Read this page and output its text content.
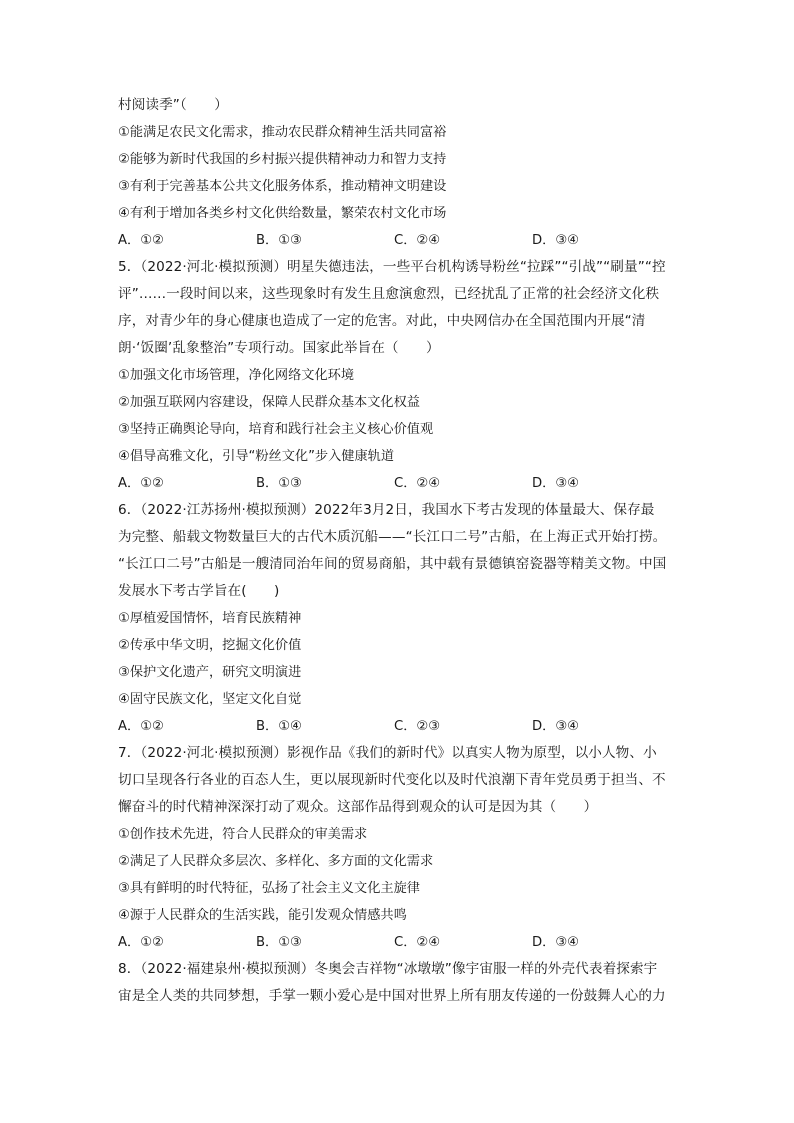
村阅读季”（　　）
①能满足农民文化需求，推动农民群众精神生活共同富裕
②能够为新时代我国的乡村振兴提供精神动力和智力支持
③有利于完善基本公共文化服务体系，推动精神文明建设
④有利于增加各类乡村文化供给数量，繁荣农村文化市场
A．①②	B．①③	C．②④	D．③④
5．（2022·河北·模拟预测）明星失德违法，一些平台机构诱导粉丝“拉踩”“引战”“刷量”“控
评”……一段时间以来，这些现象时有发生且愈演愈烈，已经扰乱了正常的社会经济文化秩
序，对青少年的身心健康也造成了一定的危害。对此，中央网信办在全国范围内开展“清
朗·‘饭圈’乱象整治”专项行动。国家此举旨在（　　）
①加强文化市场管理，净化网络文化环境
②加强互联网内容建设，保障人民群众基本文化权益
③坚持正确舆论导向，培育和践行社会主义核心价值观
④倡导高雅文化，引导“粉丝文化”步入健康轨道
A．①②	B．①③	C．②④	D．③④
6．（2022·江苏扬州·模拟预测）2022年3月2日，我国水下考古发现的体量最大、保存最
为完整、船载文物数量巨大的古代木质沉船——“长江口二号”古船，在上海正式开始打捞。
“长江口二号”古船是一艘清同治年间的贸易商船，其中载有景德镇窑瓷器等精美文物。中国
发展水下考古学旨在(　　)
①厚植爱国情怀，培育民族精神
②传承中华文明，挖掘文化价值
③保护文化遗产，研究文明演进
④固守民族文化，坚定文化自觉
A．①②	B．①④	C．②③	D．③④
7．（2022·河北·模拟预测）影视作品《我们的新时代》以真实人物为原型，以小人物、小
切口呈现各行各业的百态人生，更以展现新时代变化以及时代浪潮下青年党员勇于担当、不
懈奋斗的时代精神深深打动了观众。这部作品得到观众的认可是因为其（　　）
①创作技术先进，符合人民群众的审美需求
②满足了人民群众多层次、多样化、多方面的文化需求
③具有鲜明的时代特征，弘扬了社会主义文化主旋律
④源于人民群众的生活实践，能引发观众情感共鸣
A．①②	B．①③	C．②④	D．③④
8．（2022·福建泉州·模拟预测）冬奥会吉祥物“冰墩墩”像宇宙服一样的外壳代表着探索宇
宙是全人类的共同梦想，手掌一颗小爱心是中国对世界上所有朋友传递的一份鼓舞人心的力
